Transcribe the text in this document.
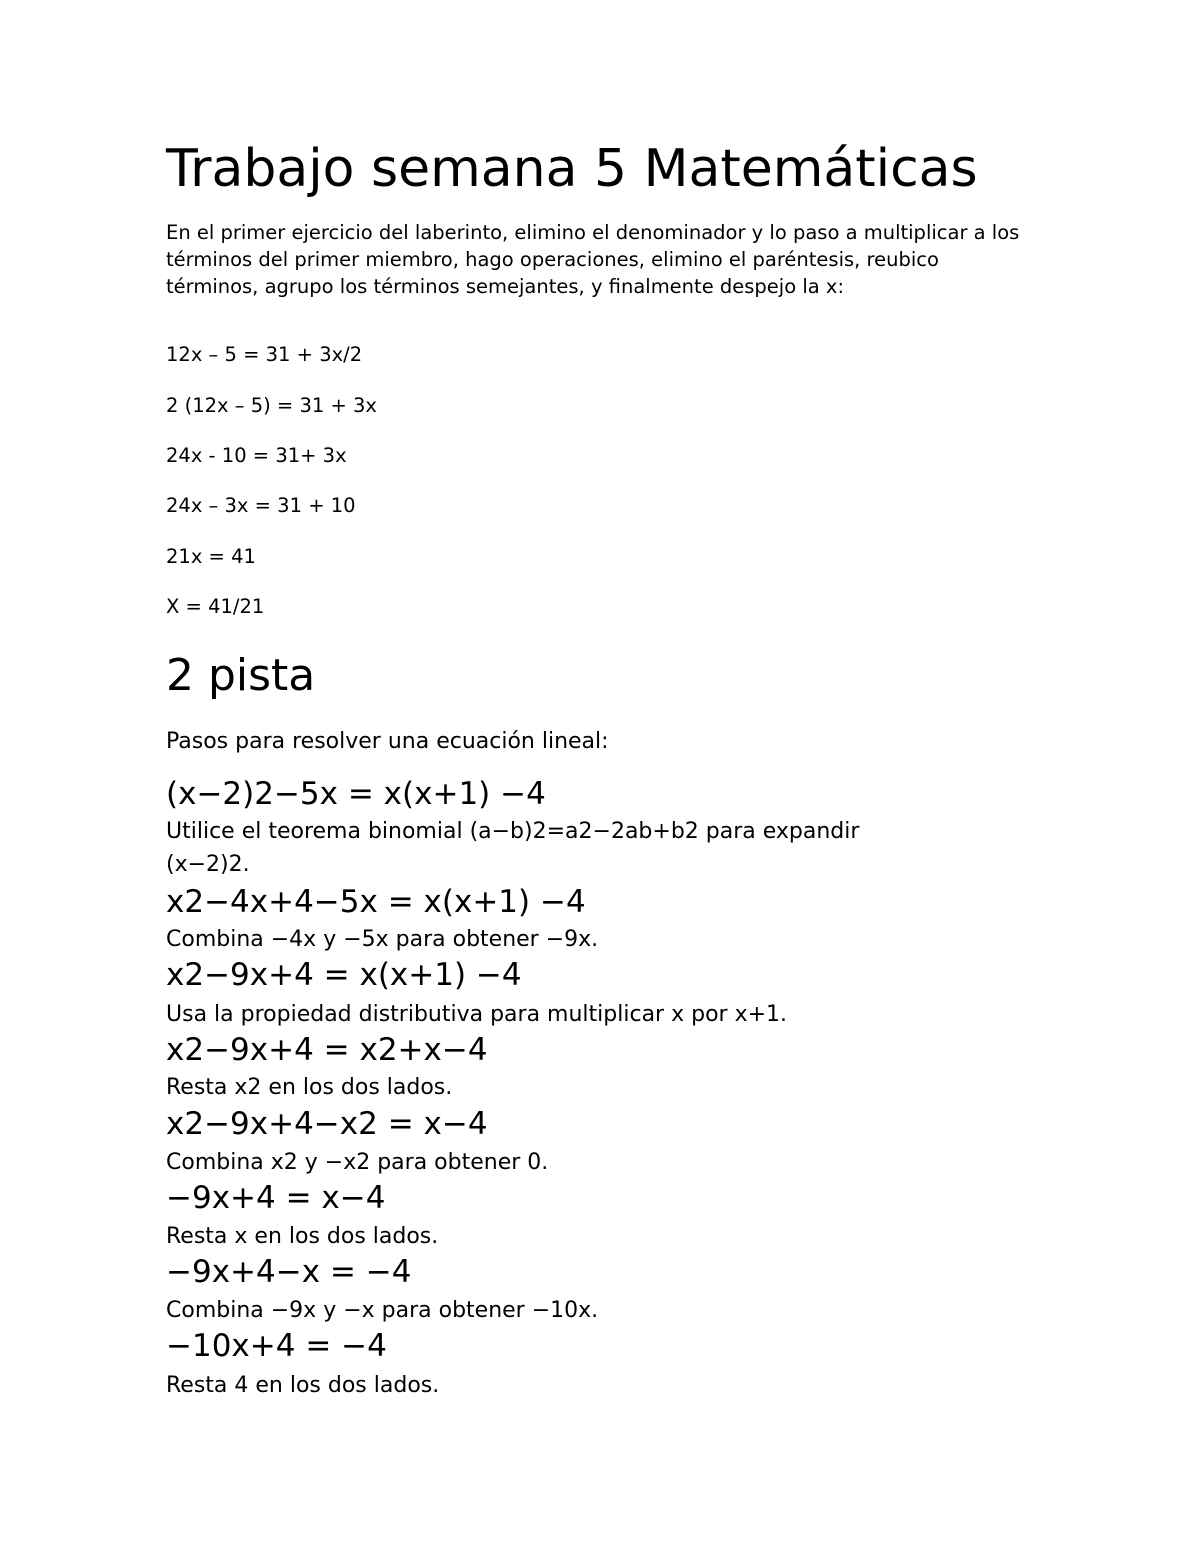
Trabajo semana 5 Matemáticas
En el primer ejercicio del laberinto, elimino el denominador y lo paso a multiplicar a los términos del primer miembro, hago operaciones, elimino el paréntesis, reubico términos, agrupo los términos semejantes, y finalmente despejo la x:
12x – 5 = 31 + 3x/2
2 (12x – 5) = 31 + 3x
24x - 10 = 31+ 3x
24x – 3x = 31 + 10
21x = 41
X = 41/21
2 pista
Pasos para resolver una ecuación lineal:
(x−2)2−5x = x(x+1) −4
Utilice el teorema binomial (a−b)2=a2−2ab+b2 para expandir (x−2)2.
x2−4x+4−5x = x(x+1) −4
Combina −4x y −5x para obtener −9x.
x2−9x+4 = x(x+1) −4
Usa la propiedad distributiva para multiplicar x por x+1.
x2−9x+4 = x2+x−4
Resta x2 en los dos lados.
x2−9x+4−x2 = x−4
Combina x2 y −x2 para obtener 0.
−9x+4 = x−4
Resta x en los dos lados.
−9x+4−x = −4
Combina −9x y −x para obtener −10x.
−10x+4 = −4
Resta 4 en los dos lados.
